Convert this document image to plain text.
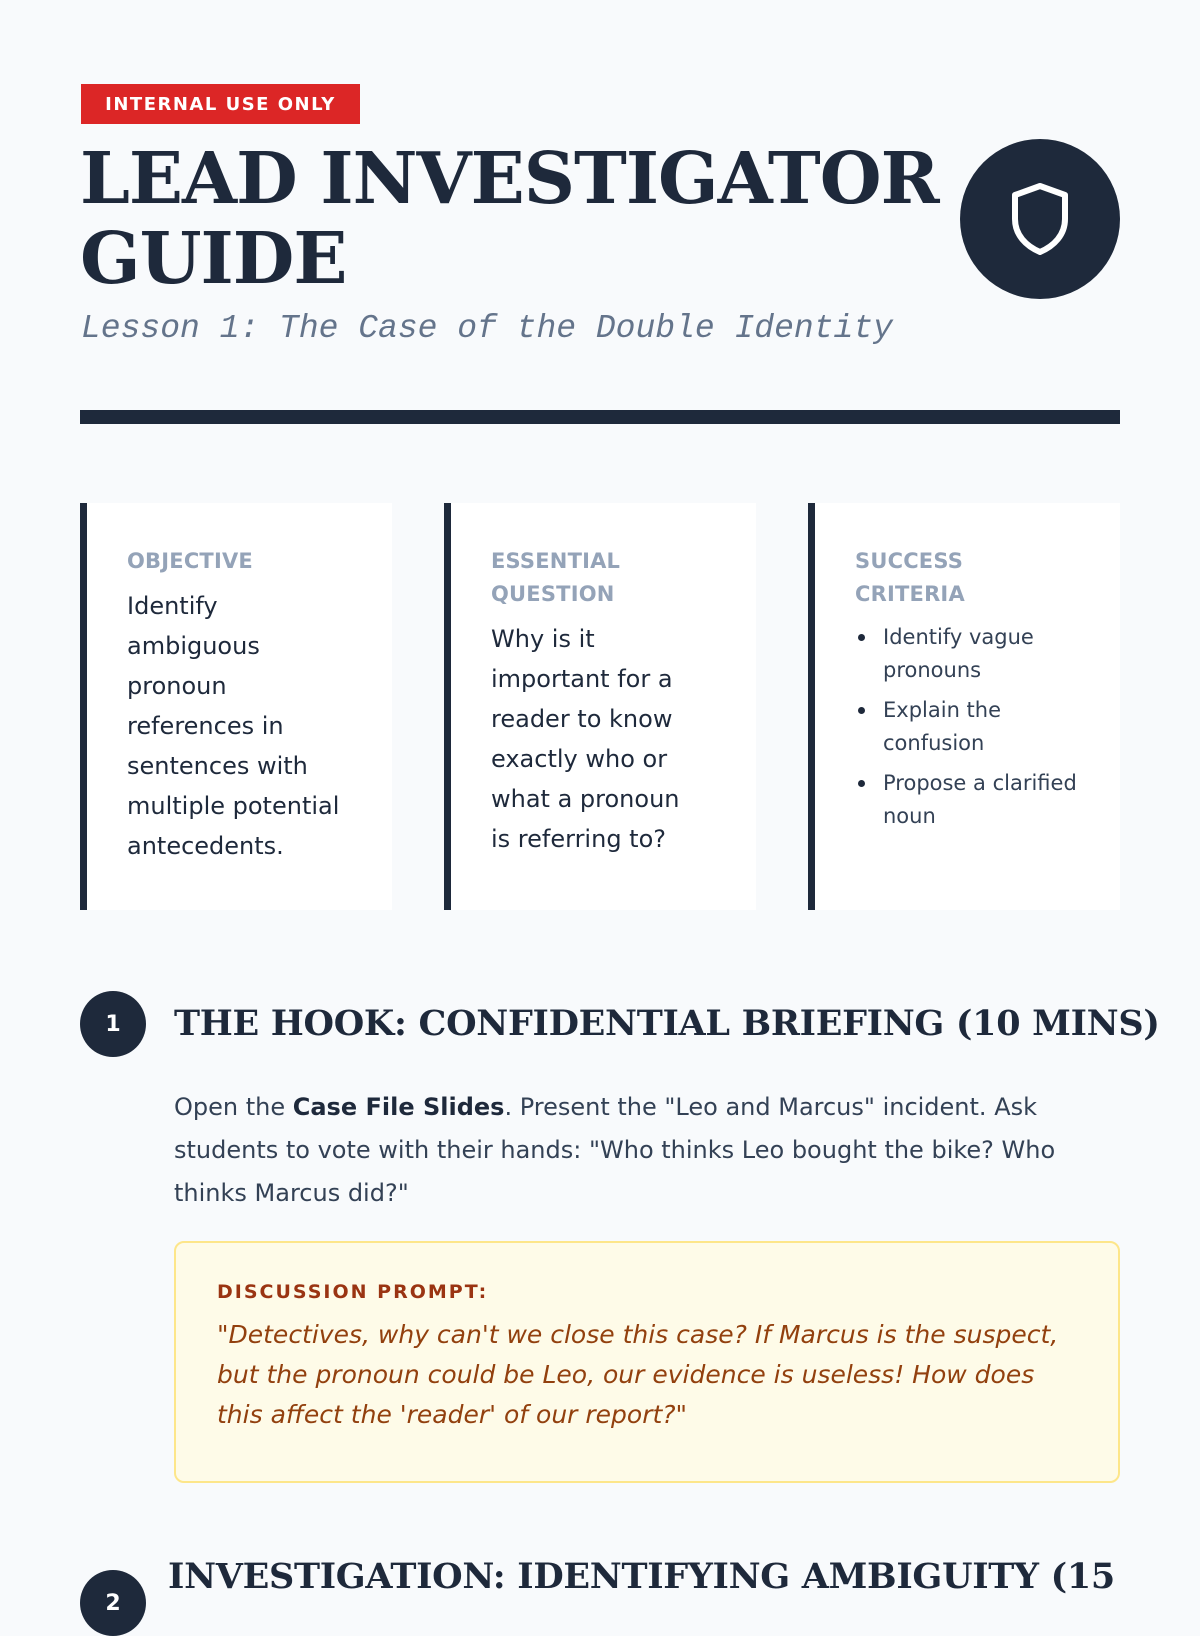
INTERNAL USE ONLY
LEAD INVESTIGATOR
GUIDE
Lesson 1: The Case of the Double Identity
OBJECTIVE
Identify ambiguous pronoun references in sentences with multiple potential antecedents.
ESSENTIAL QUESTION
Why is it important for a reader to know exactly who or what a pronoun is referring to?
SUCCESS CRITERIA
Identify vague pronouns
Explain the confusion
Propose a clarified noun
1	THE HOOK: CONFIDENTIAL BRIEFING (10 MINS)

Open the Case File Slides. Present the "Leo and Marcus" incident. Ask students to vote with their hands: "Who thinks Leo bought the bike? Who thinks Marcus did?"

DISCUSSION PROMPT:
"Detectives, why can't we close this case? If Marcus is the suspect, but the pronoun could be Leo, our evidence is useless! How does this affect the 'reader' of our report?"
2
INVESTIGATION: IDENTIFYING AMBIGUITY (15
